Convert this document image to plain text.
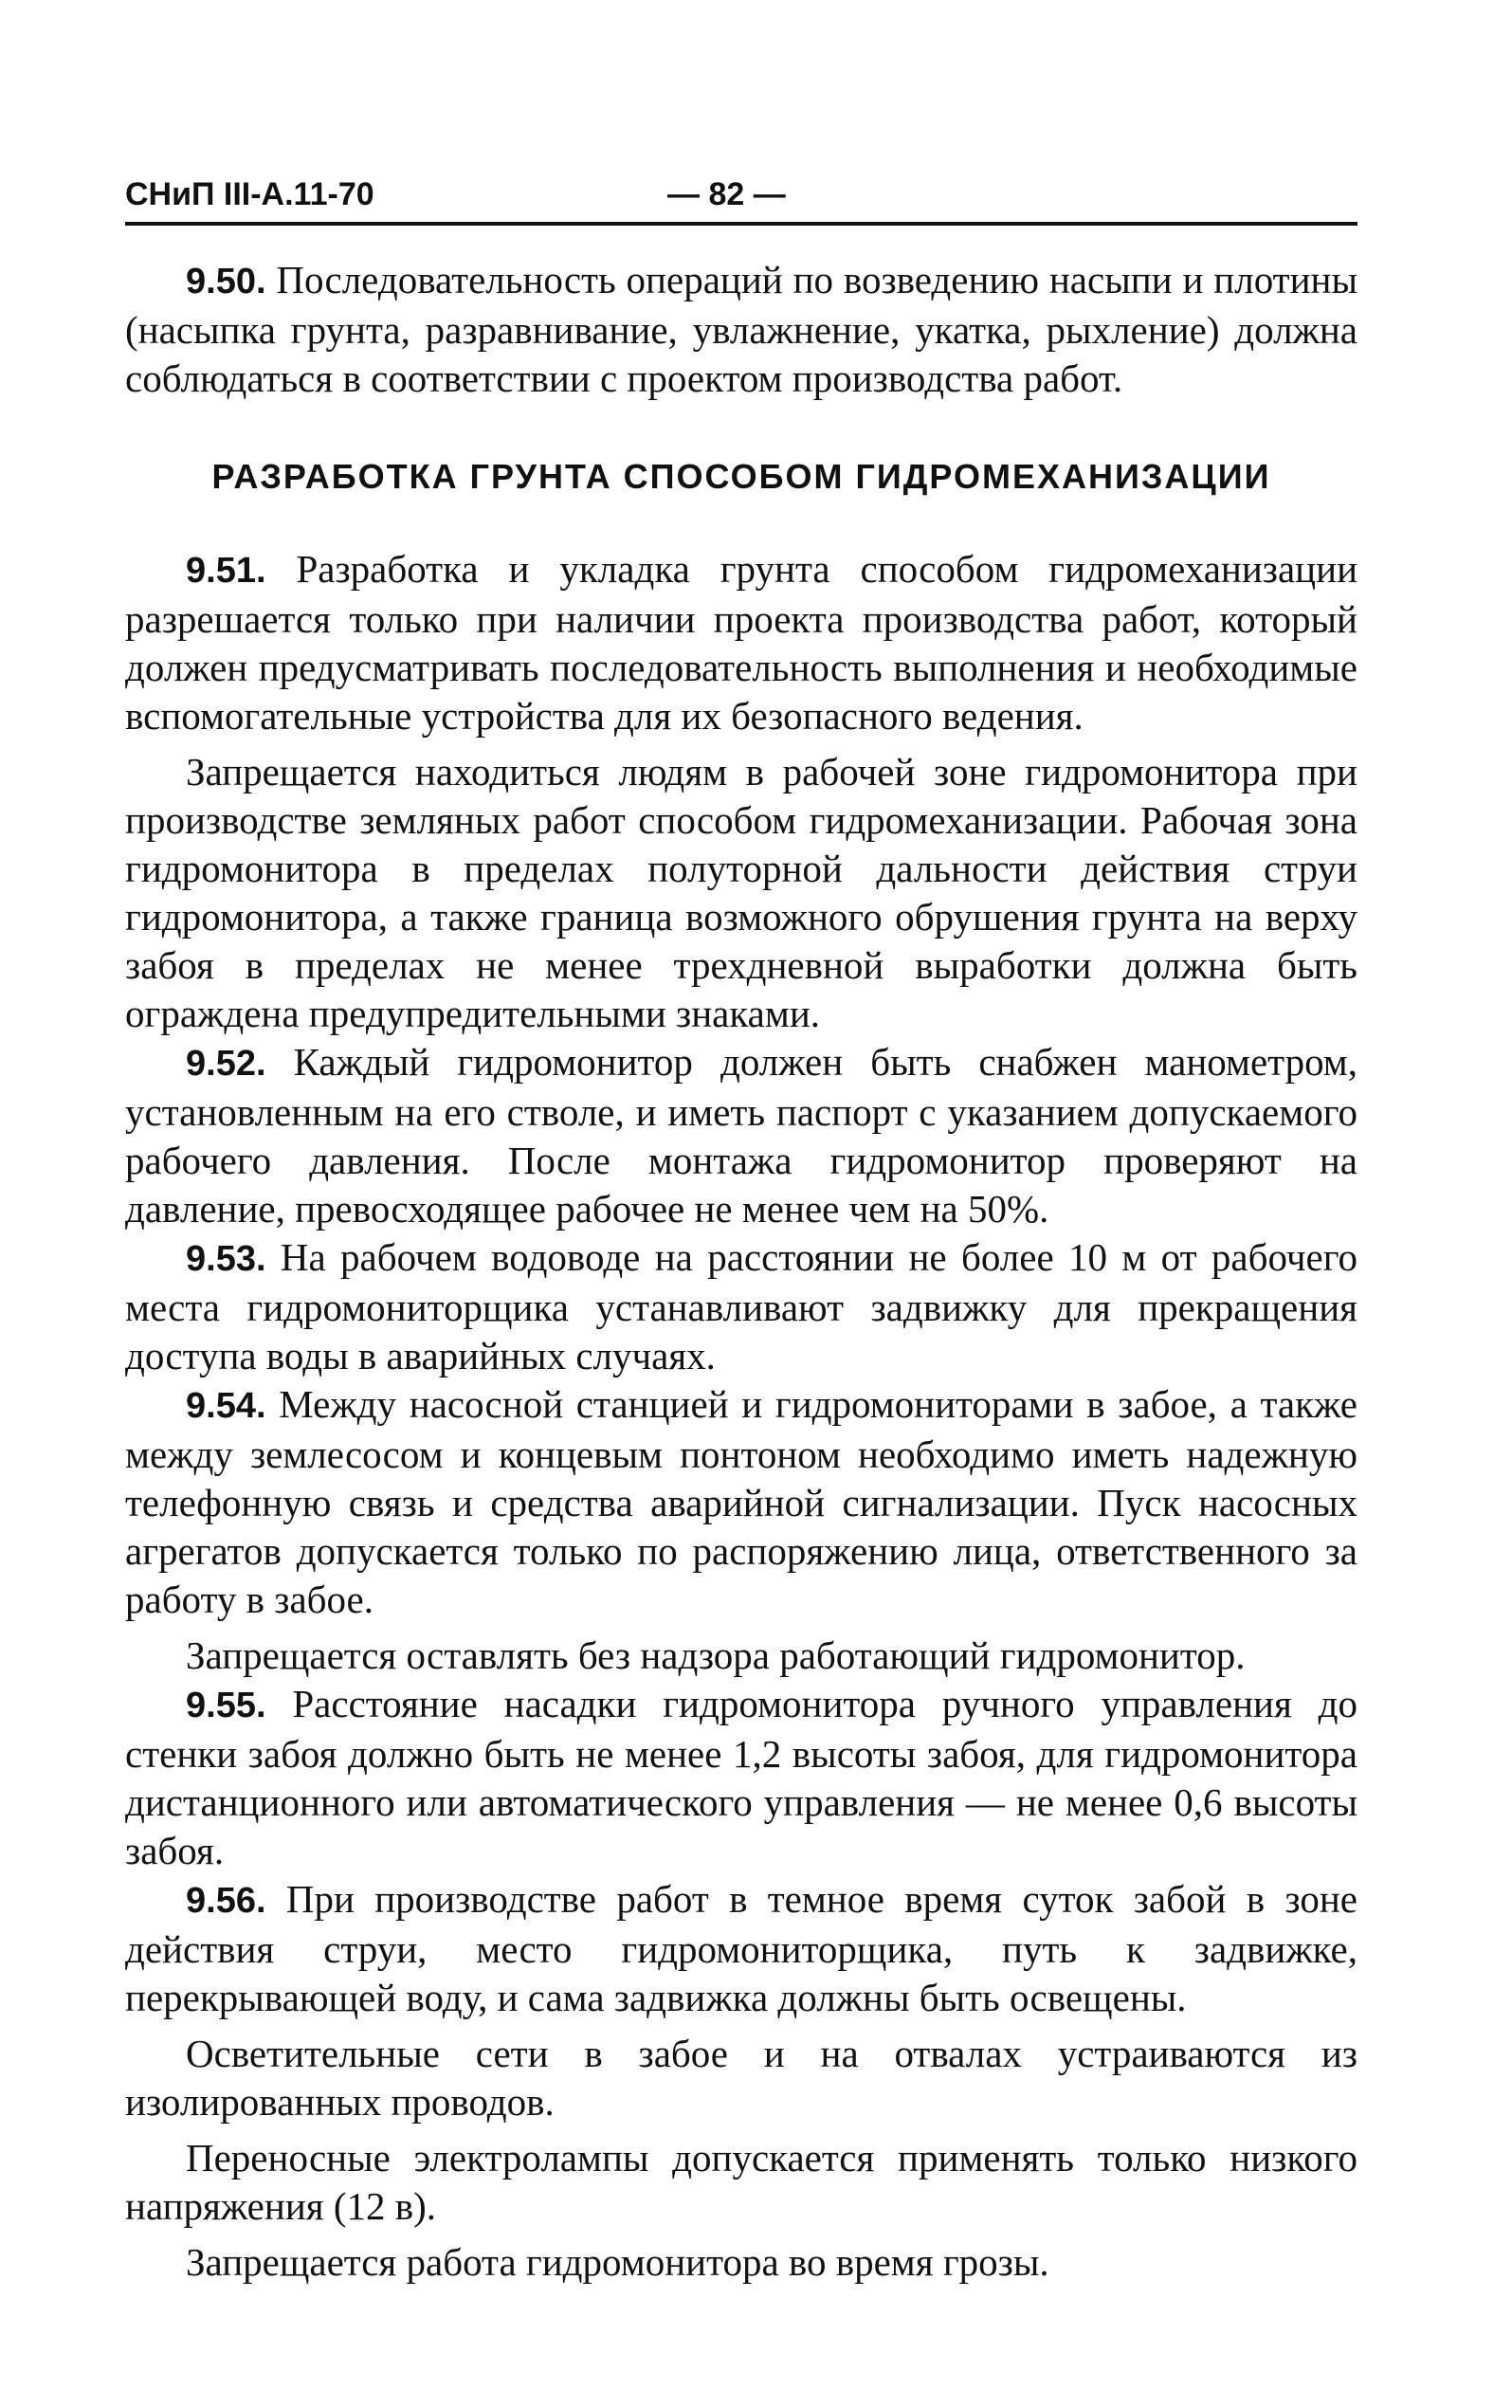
СНиП III-А.11-70	— 82 —

9.50. Последовательность операций по возведению насыпи и плотины (насыпка грунта, разравнивание, увлажнение, укатка, рыхление) должна соблюдаться в соответствии с проектом производства работ.

РАЗРАБОТКА ГРУНТА СПОСОБОМ ГИДРОМЕХАНИЗАЦИИ

9.51. Разработка и укладка грунта способом гидромеханизации разрешается только при наличии проекта производства работ, который должен предусматривать последовательность выполнения и необходимые вспомогательные устройства для их безопасного ведения.

Запрещается находиться людям в рабочей зоне гидромонитора при производстве земляных работ способом гидромеханизации. Рабочая зона гидромонитора в пределах полуторной дальности действия струи гидромонитора, а также граница возможного обрушения грунта на верху забоя в пределах не менее трехдневной выработки должна быть ограждена предупредительными знаками.

9.52. Каждый гидромонитор должен быть снабжен манометром, установленным на его стволе, и иметь паспорт с указанием допускаемого рабочего давления. После монтажа гидромонитор проверяют на давление, превосходящее рабочее не менее чем на 50%.

9.53. На рабочем водоводе на расстоянии не более 10 м от рабочего места гидромониторщика устанавливают задвижку для прекращения доступа воды в аварийных случаях.

9.54. Между насосной станцией и гидромониторами в забое, а также между землесосом и концевым понтоном необходимо иметь надежную телефонную связь и средства аварийной сигнализации. Пуск насосных агрегатов допускается только по распоряжению лица, ответственного за работу в забое.

Запрещается оставлять без надзора работающий гидромонитор.

9.55. Расстояние насадки гидромонитора ручного управления до стенки забоя должно быть не менее 1,2 высоты забоя, для гидромонитора дистанционного или автоматического управления — не менее 0,6 высоты забоя.

9.56. При производстве работ в темное время суток забой в зоне действия струи, место гидромониторщика, путь к задвижке, перекрывающей воду, и сама задвижка должны быть освещены.

Осветительные сети в забое и на отвалах устраиваются из изолированных проводов.

Переносные электролампы допускается применять только низкого напряжения (12 в).

Запрещается работа гидромонитора во время грозы.
